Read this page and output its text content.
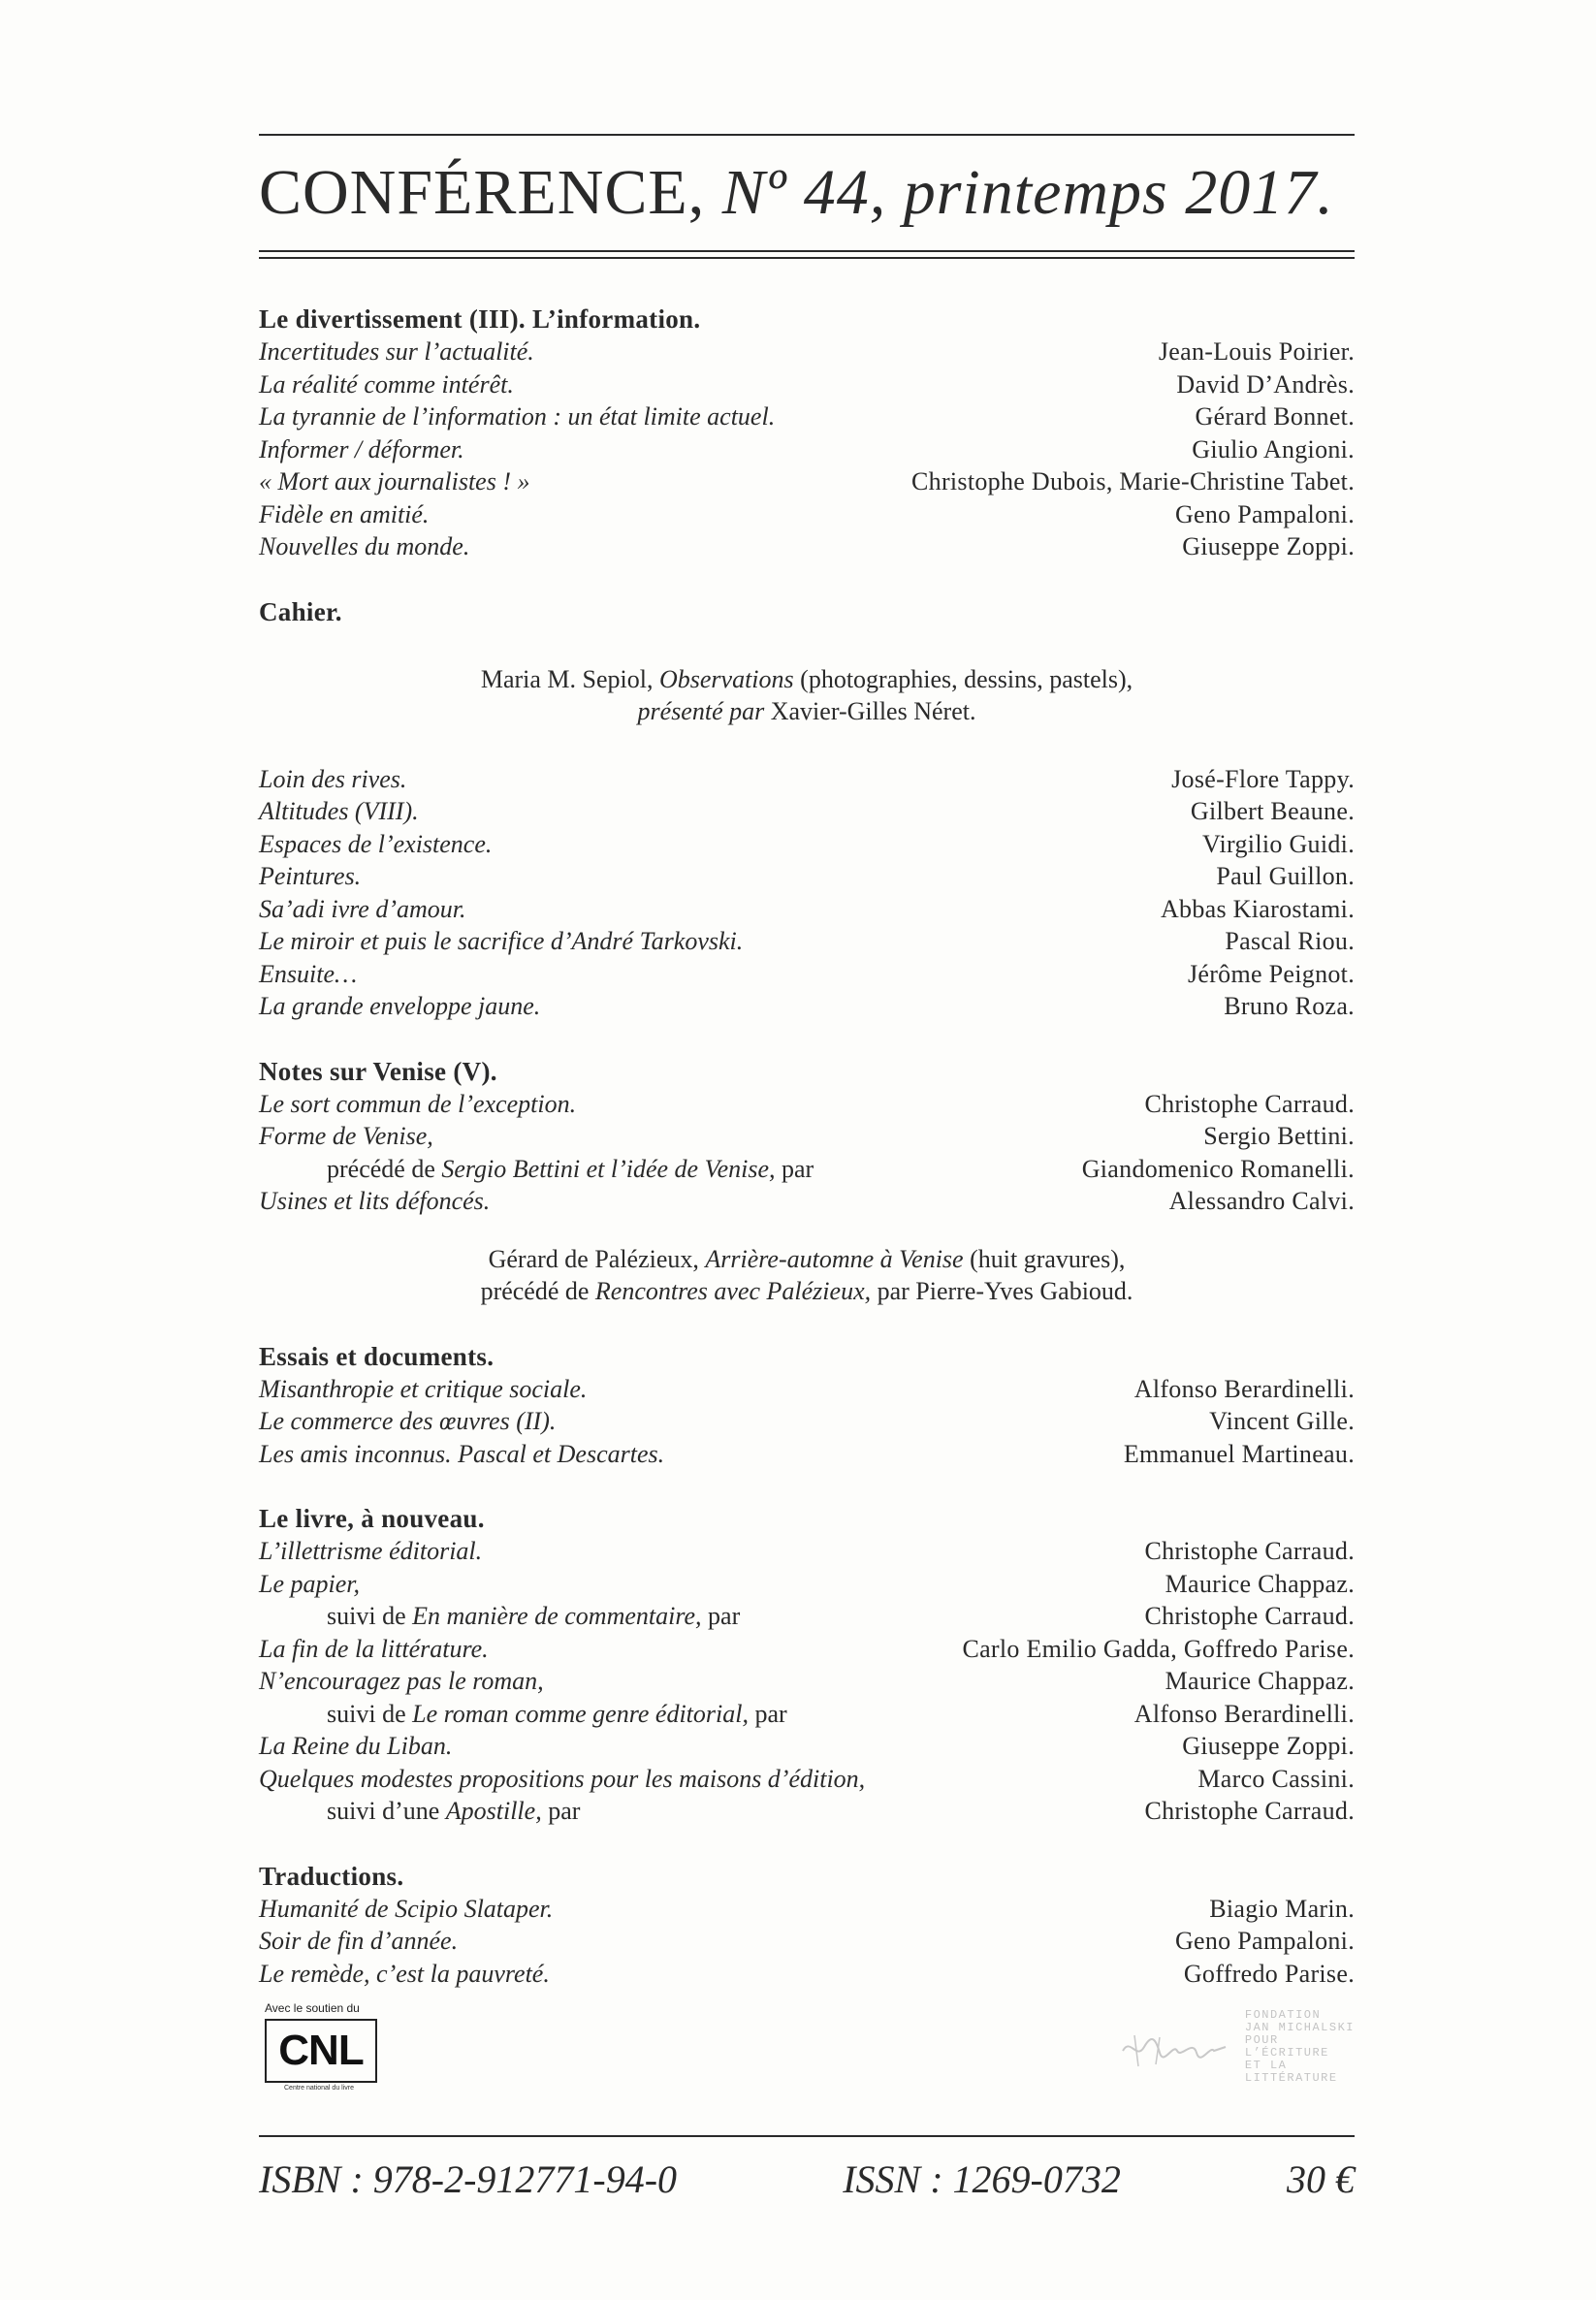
CONFÉRENCE, Nº 44, printemps 2017.
Le divertissement (III). L’information.
Incertitudes sur l’actualité.	Jean-Louis Poirier.
La réalité comme intérêt.	David D’Andrès.
La tyrannie de l’information : un état limite actuel.	Gérard Bonnet.
Informer / déformer.	Giulio Angioni.
« Mort aux journalistes ! »	Christophe Dubois, Marie-Christine Tabet.
Fidèle en amitié.	Geno Pampaloni.
Nouvelles du monde.	Giuseppe Zoppi.
Cahier.
Maria M. Sepiol, Observations (photographies, dessins, pastels),
présenté par Xavier-Gilles Néret.
Loin des rives.	José-Flore Tappy.
Altitudes (VIII).	Gilbert Beaune.
Espaces de l’existence.	Virgilio Guidi.
Peintures.	Paul Guillon.
Sa’adi ivre d’amour.	Abbas Kiarostami.
Le miroir et puis le sacrifice d’André Tarkovski.	Pascal Riou.
Ensuite…	Jérôme Peignot.
La grande enveloppe jaune.	Bruno Roza.
Notes sur Venise (V).
Le sort commun de l’exception.	Christophe Carraud.
Forme de Venise,	Sergio Bettini.
précédé de Sergio Bettini et l’idée de Venise, par	Giandomenico Romanelli.
Usines et lits défoncés.	Alessandro Calvi.
Gérard de Palézieux, Arrière-automne à Venise (huit gravures),
précédé de Rencontres avec Palézieux, par Pierre-Yves Gabioud.
Essais et documents.
Misanthropie et critique sociale.	Alfonso Berardinelli.
Le commerce des œuvres (II).	Vincent Gille.
Les amis inconnus. Pascal et Descartes.	Emmanuel Martineau.
Le livre, à nouveau.
L’illettrisme éditorial.	Christophe Carraud.
Le papier,	Maurice Chappaz.
suivi de En manière de commentaire, par	Christophe Carraud.
La fin de la littérature.	Carlo Emilio Gadda, Goffredo Parise.
N’encouragez pas le roman,	Maurice Chappaz.
suivi de Le roman comme genre éditorial, par	Alfonso Berardinelli.
La Reine du Liban.	Giuseppe Zoppi.
Quelques modestes propositions pour les maisons d’édition,	Marco Cassini.
suivi d’une Apostille, par	Christophe Carraud.
Traductions.
Humanité de Scipio Slataper.	Biagio Marin.
Soir de fin d’année.	Geno Pampaloni.
Le remède, c’est la pauvreté.	Goffredo Parise.
Avec le soutien du
CNL
Centre national du livre
FONDATION
JAN MICHALSKI
POUR
L’ÉCRITURE
ET LA
LITTÉRATURE
ISBN : 978-2-912771-94-0	ISSN : 1269-0732	30 €
